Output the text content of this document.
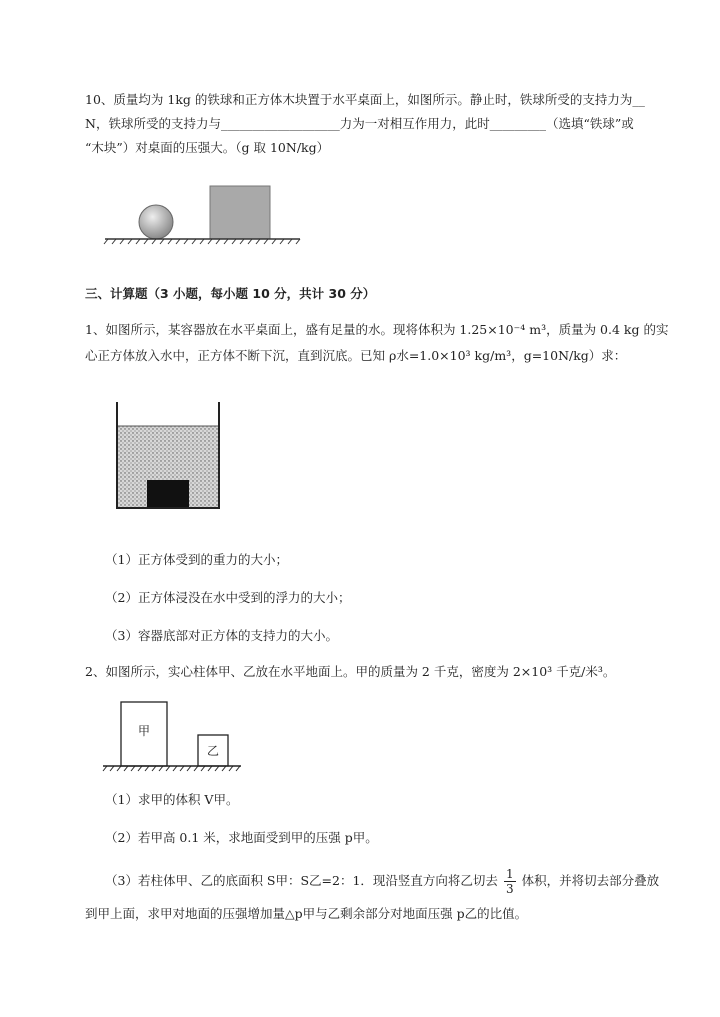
10、质量均为 1kg 的铁球和正方体木块置于水平桌面上，如图所示。静止时，铁球所受的支持力为__
N，铁球所受的支持力与___________________力为一对相互作用力，此时_________（选填“铁球”或
“木块”）对桌面的压强大。（g 取 10N/kg）
三、计算题（3 小题，每小题 10 分，共计 30 分）
1、如图所示，某容器放在水平桌面上，盛有足量的水。现将体积为 1.25×10⁻⁴ m³，质量为 0.4 kg 的实
心正方体放入水中，正方体不断下沉，直到沉底。已知 ρ水=1.0×10³ kg/m³，g=10N/kg）求：
（1）正方体受到的重力的大小；
（2）正方体浸没在水中受到的浮力的大小；
（3）容器底部对正方体的支持力的大小。
2、如图所示，实心柱体甲、乙放在水平地面上。甲的质量为 2 千克，密度为 2×10³ 千克/米³。
甲
乙
（1）求甲的体积 V甲。
（2）若甲高 0.1 米，求地面受到甲的压强 p甲。
（3）若柱体甲、乙的底面积 S甲：S乙=2：1．现沿竖直方向将乙切去 $\frac{1}{3}$ 体积，并将切去部分叠放
到甲上面，求甲对地面的压强增加量△p甲与乙剩余部分对地面压强 p乙的比值。
